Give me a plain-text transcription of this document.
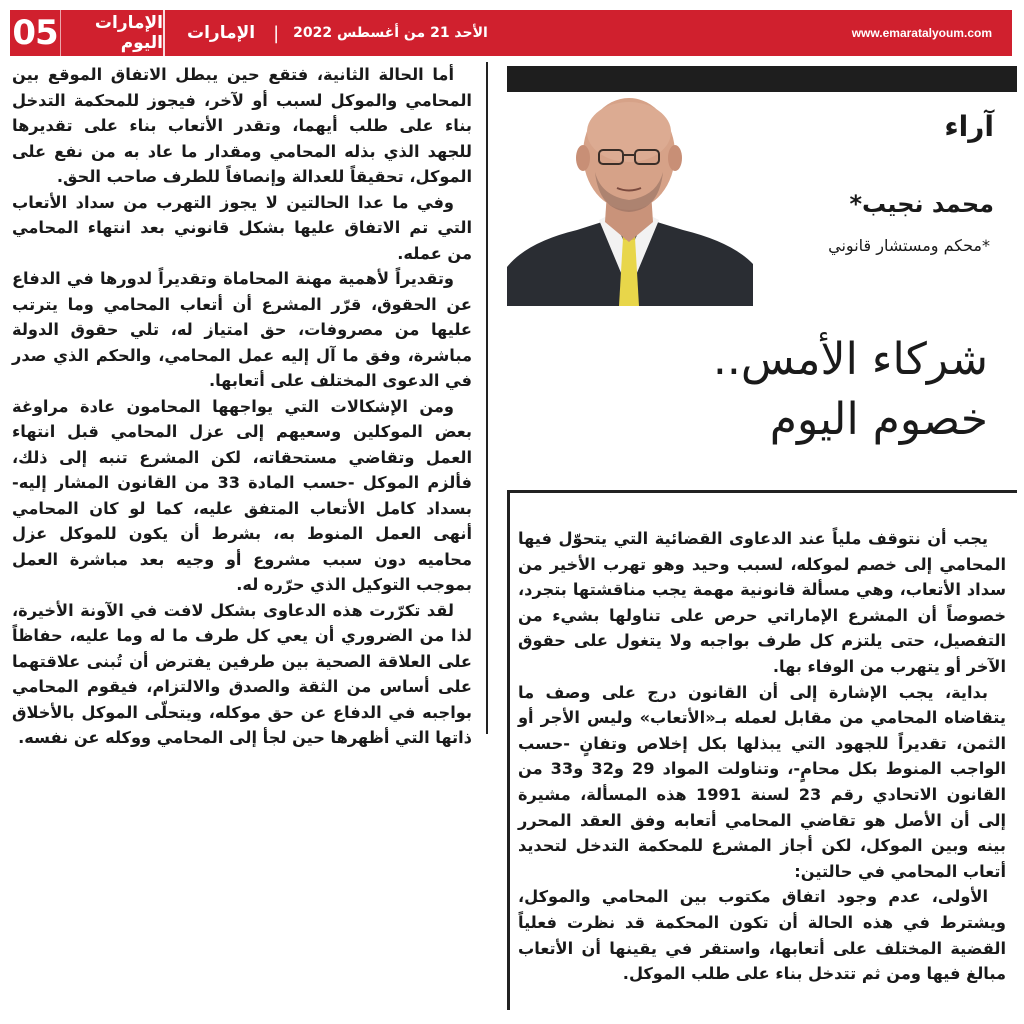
05	الإمارات اليوم الإمارات | الأحد 21 من أغسطس 2022	www.emaratalyoum.com

أما الحالة الثانية، فتقع حين يبطل الاتفاق الموقع بين المحامي والموكل لسبب أو لآخر، فيجوز للمحكمة التدخل بناء على طلب أيهما، وتقدر الأتعاب بناء على تقديرها للجهد الذي بذله المحامي ومقدار ما عاد به من نفع على الموكل، تحقيقاً للعدالة وإنصافاً للطرف صاحب الحق.

وفي ما عدا الحالتين لا يجوز التهرب من سداد الأتعاب التي تم الاتفاق عليها بشكل قانوني بعد انتهاء المحامي من عمله.

وتقديراً لأهمية مهنة المحاماة وتقديراً لدورها في الدفاع عن الحقوق، قرّر المشرع أن أتعاب المحامي وما يترتب عليها من مصروفات، حق امتياز له، تلي حقوق الدولة مباشرة، وفق ما آل إليه عمل المحامي، والحكم الذي صدر في الدعوى المختلف على أتعابها.

ومن الإشكالات التي يواجهها المحامون عادة مراوغة بعض الموكلين وسعيهم إلى عزل المحامي قبل انتهاء العمل وتقاضي مستحقاته، لكن المشرع تنبه إلى ذلك، فألزم الموكل -حسب المادة 33 من القانون المشار إليه- بسداد كامل الأتعاب المتفق عليه، كما لو كان المحامي أنهى العمل المنوط به، بشرط أن يكون للموكل عزل محاميه دون سبب مشروع أو وجيه بعد مباشرة العمل بموجب التوكيل الذي حرّره له.

لقد تكرّرت هذه الدعاوى بشكل لافت في الآونة الأخيرة، لذا من الضروري أن يعي كل طرف ما له وما عليه، حفاظاً على العلاقة الصحية بين طرفين يفترض أن تُبنى علاقتهما على أساس من الثقة والصدق والالتزام، فيقوم المحامي بواجبه في الدفاع عن حق موكله، ويتحلّى الموكل بالأخلاق ذاتها التي أظهرها حين لجأ إلى المحامي ووكله عن نفسه.

آراء
محمد نجيب*
*محكم ومستشار قانوني
شركاء الأمس..
خصوم اليوم

يجب أن نتوقف ملياً عند الدعاوى القضائية التي يتحوّل فيها المحامي إلى خصم لموكله، لسبب وحيد وهو تهرب الأخير من سداد الأتعاب، وهي مسألة قانونية مهمة يجب مناقشتها بتجرد، خصوصاً أن المشرع الإماراتي حرص على تناولها بشيء من التفصيل، حتى يلتزم كل طرف بواجبه ولا يتغول على حقوق الآخر أو يتهرب من الوفاء بها.

بداية، يجب الإشارة إلى أن القانون درج على وصف ما يتقاضاه المحامي من مقابل لعمله بـ«الأتعاب» وليس الأجر أو الثمن، تقديراً للجهود التي يبذلها بكل إخلاص وتفانٍ -حسب الواجب المنوط بكل محامٍ-، وتناولت المواد 29 و32 و33 من القانون الاتحادي رقم 23 لسنة 1991 هذه المسألة، مشيرة إلى أن الأصل هو تقاضي المحامي أتعابه وفق العقد المحرر بينه وبين الموكل، لكن أجاز المشرع للمحكمة التدخل لتحديد أتعاب المحامي في حالتين:

الأولى، عدم وجود اتفاق مكتوب بين المحامي والموكل، ويشترط في هذه الحالة أن تكون المحكمة قد نظرت فعلياً القضية المختلف على أتعابها، واستقر في يقينها أن الأتعاب مبالغ فيها ومن ثم تتدخل بناء على طلب الموكل.
